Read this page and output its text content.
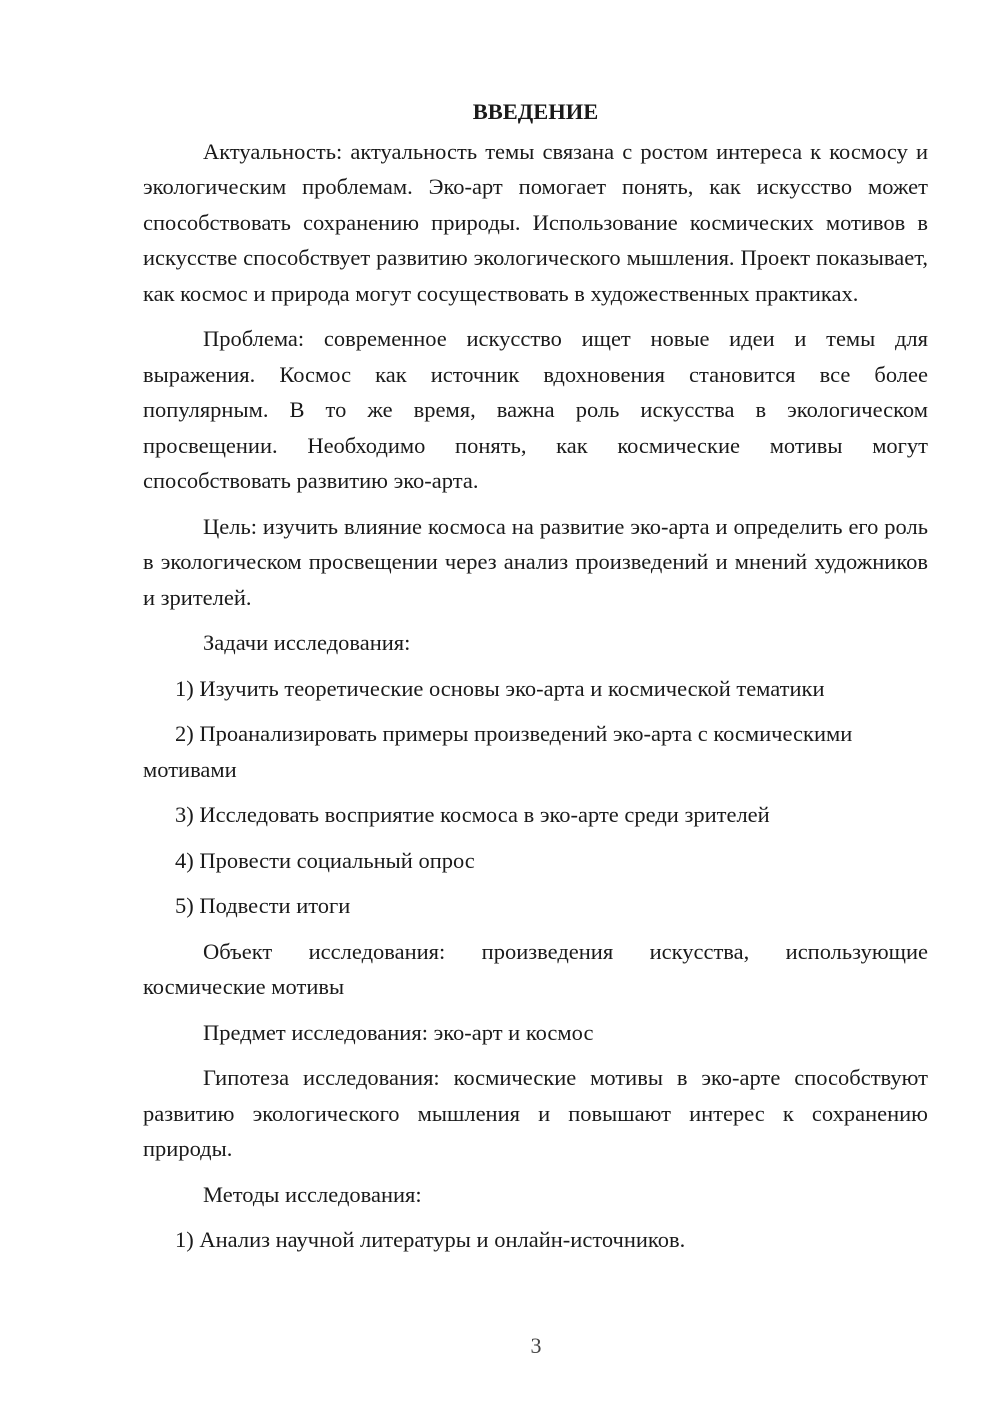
ВВЕДЕНИЕ
Актуальность: актуальность темы связана с ростом интереса к космосу и экологическим проблемам. Эко-арт помогает понять, как искусство может способствовать сохранению природы. Использование космических мотивов в искусстве способствует развитию экологического мышления. Проект показывает, как космос и природа могут сосуществовать в художественных практиках.
Проблема: современное искусство ищет новые идеи и темы для выражения. Космос как источник вдохновения становится все более популярным. В то же время, важна роль искусства в экологическом просвещении. Необходимо понять, как космические мотивы могут способствовать развитию эко-арта.
Цель: изучить влияние космоса на развитие эко-арта и определить его роль в экологическом просвещении через анализ произведений и мнений художников и зрителей.
Задачи исследования:
1) Изучить теоретические основы эко-арта и космической тематики
2) Проанализировать примеры произведений эко-арта с космическими мотивами
3) Исследовать восприятие космоса в эко-арте среди зрителей
4) Провести социальный опрос
5) Подвести итоги
Объект исследования: произведения искусства, использующие космические мотивы
Предмет исследования: эко-арт и космос
Гипотеза исследования: космические мотивы в эко-арте способствуют развитию экологического мышления и повышают интерес к сохранению природы.
Методы исследования:
1) Анализ научной литературы и онлайн-источников.
3
